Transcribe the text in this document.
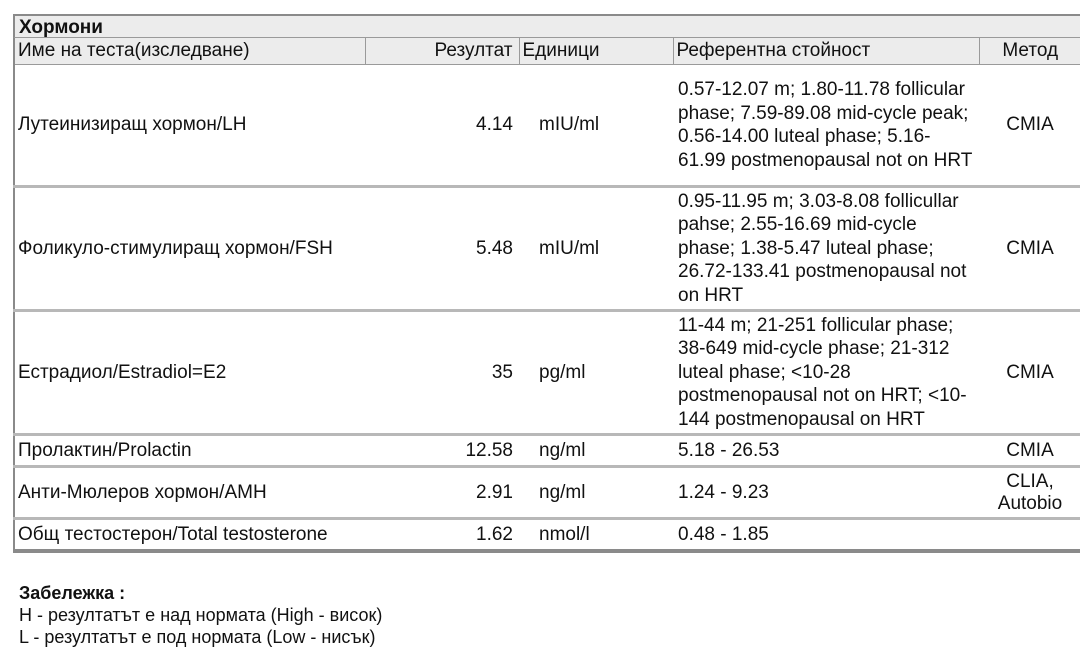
Хормони
Име на теста(изследване)	Резултат	Единици	Референтна стойност	Метод
Лутеинизиращ хормон/LH	4.14	mIU/ml	0.57-12.07 m; 1.80-11.78 follicular phase; 7.59-89.08 mid-cycle peak; 0.56-14.00 luteal phase; 5.16-61.99 postmenopausal not on HRT	CMIA
Фоликуло-стимулиращ хормон/FSH	5.48	mIU/ml	0.95-11.95 m; 3.03-8.08 follicullar pahse; 2.55-16.69 mid-cycle phase; 1.38-5.47 luteal phase; 26.72-133.41 postmenopausal not on HRT	CMIA
Естрадиол/Estradiol=E2	35	pg/ml	11-44 m; 21-251 follicular phase; 38-649 mid-cycle phase; 21-312 luteal phase; <10-28 postmenopausal not on HRT; <10-144 postmenopausal on HRT	CMIA
Пролактин/Prolactin	12.58	ng/ml	5.18 - 26.53	CMIA
Анти-Мюлеров хормон/AMH	2.91	ng/ml	1.24 - 9.23	CLIA, Autobio
Общ тестостерон/Total testosterone	1.62	nmol/l	0.48 - 1.85	
Забележка :
H - резултатът е над нормата (High - висок)
L - резултатът е под нормата (Low - нисък)
